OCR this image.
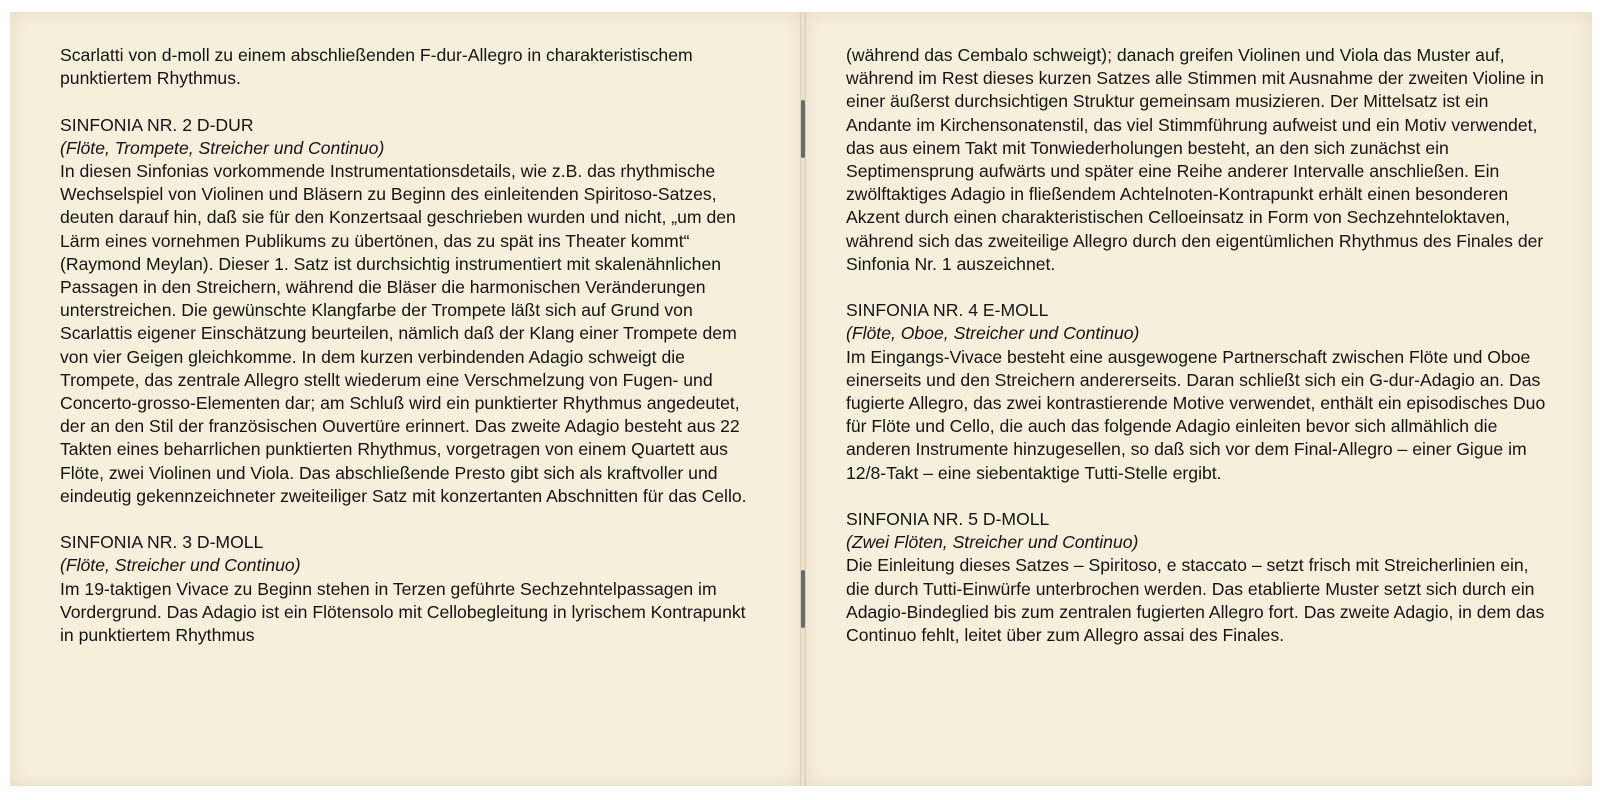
Scarlatti von d-moll zu einem abschließenden F-dur-Allegro in charakteristischem punktiertem Rhythmus.

SINFONIA NR. 2 D-DUR

(Flöte, Trompete, Streicher und Continuo)

In diesen Sinfonias vorkommende Instrumentationsdetails, wie z.B. das rhythmische Wechselspiel von Violinen und Bläsern zu Beginn des einleitenden Spiritoso-Satzes, deuten darauf hin, daß sie für den Konzertsaal geschrieben wurden und nicht, „um den Lärm eines vornehmen Publikums zu übertönen, das zu spät ins Theater kommt“ (Raymond Meylan). Dieser 1. Satz ist durchsichtig instrumentiert mit skalenähnlichen Passagen in den Streichern, während die Bläser die harmonischen Veränderungen unterstreichen. Die gewünschte Klangfarbe der Trompete läßt sich auf Grund von Scarlattis eigener Einschätzung beurteilen, nämlich daß der Klang einer Trompete dem von vier Geigen gleichkomme. In dem kurzen verbindenden Adagio schweigt die Trompete, das zentrale Allegro stellt wiederum eine Verschmelzung von Fugen- und Concerto-grosso-Elementen dar; am Schluß wird ein punktierter Rhythmus angedeutet, der an den Stil der französischen Ouvertüre erinnert. Das zweite Adagio besteht aus 22 Takten eines beharrlichen punktierten Rhythmus, vorgetragen von einem Quartett aus Flöte, zwei Violinen und Viola. Das abschließende Presto gibt sich als kraftvoller und eindeutig gekennzeichneter zweiteiliger Satz mit konzertanten Abschnitten für das Cello.

SINFONIA NR. 3 D-MOLL

(Flöte, Streicher und Continuo)

Im 19-taktigen Vivace zu Beginn stehen in Terzen geführte Sechzehntelpassagen im Vordergrund. Das Adagio ist ein Flötensolo mit Cellobegleitung in lyrischem Kontrapunkt in punktiertem Rhythmus

(während das Cembalo schweigt); danach greifen Violinen und Viola das Muster auf, während im Rest dieses kurzen Satzes alle Stimmen mit Ausnahme der zweiten Violine in einer äußerst durchsichtigen Struktur gemeinsam musizieren. Der Mittelsatz ist ein Andante im Kirchensonatenstil, das viel Stimmführung aufweist und ein Motiv verwendet, das aus einem Takt mit Tonwiederholungen besteht, an den sich zunächst ein Septimensprung aufwärts und später eine Reihe anderer Intervalle anschließen. Ein zwölftaktiges Adagio in fließendem Achtelnoten-Kontrapunkt erhält einen besonderen Akzent durch einen charakteristischen Celloeinsatz in Form von Sechzehnteloktaven, während sich das zweiteilige Allegro durch den eigentümlichen Rhythmus des Finales der Sinfonia Nr. 1 auszeichnet.

SINFONIA NR. 4 E-MOLL

(Flöte, Oboe, Streicher und Continuo)

Im Eingangs-Vivace besteht eine ausgewogene Partnerschaft zwischen Flöte und Oboe einerseits und den Streichern andererseits. Daran schließt sich ein G-dur-Adagio an. Das fugierte Allegro, das zwei kontrastierende Motive verwendet, enthält ein episodisches Duo für Flöte und Cello, die auch das folgende Adagio einleiten bevor sich allmählich die anderen Instrumente hinzugesellen, so daß sich vor dem Final-Allegro – einer Gigue im 12/8-Takt – eine siebentaktige Tutti-Stelle ergibt.

SINFONIA NR. 5 D-MOLL

(Zwei Flöten, Streicher und Continuo)

Die Einleitung dieses Satzes – Spiritoso, e staccato – setzt frisch mit Streicherlinien ein, die durch Tutti-Einwürfe unterbrochen werden. Das etablierte Muster setzt sich durch ein Adagio-Bindeglied bis zum zentralen fugierten Allegro fort. Das zweite Adagio, in dem das Continuo fehlt, leitet über zum Allegro assai des Finales.
